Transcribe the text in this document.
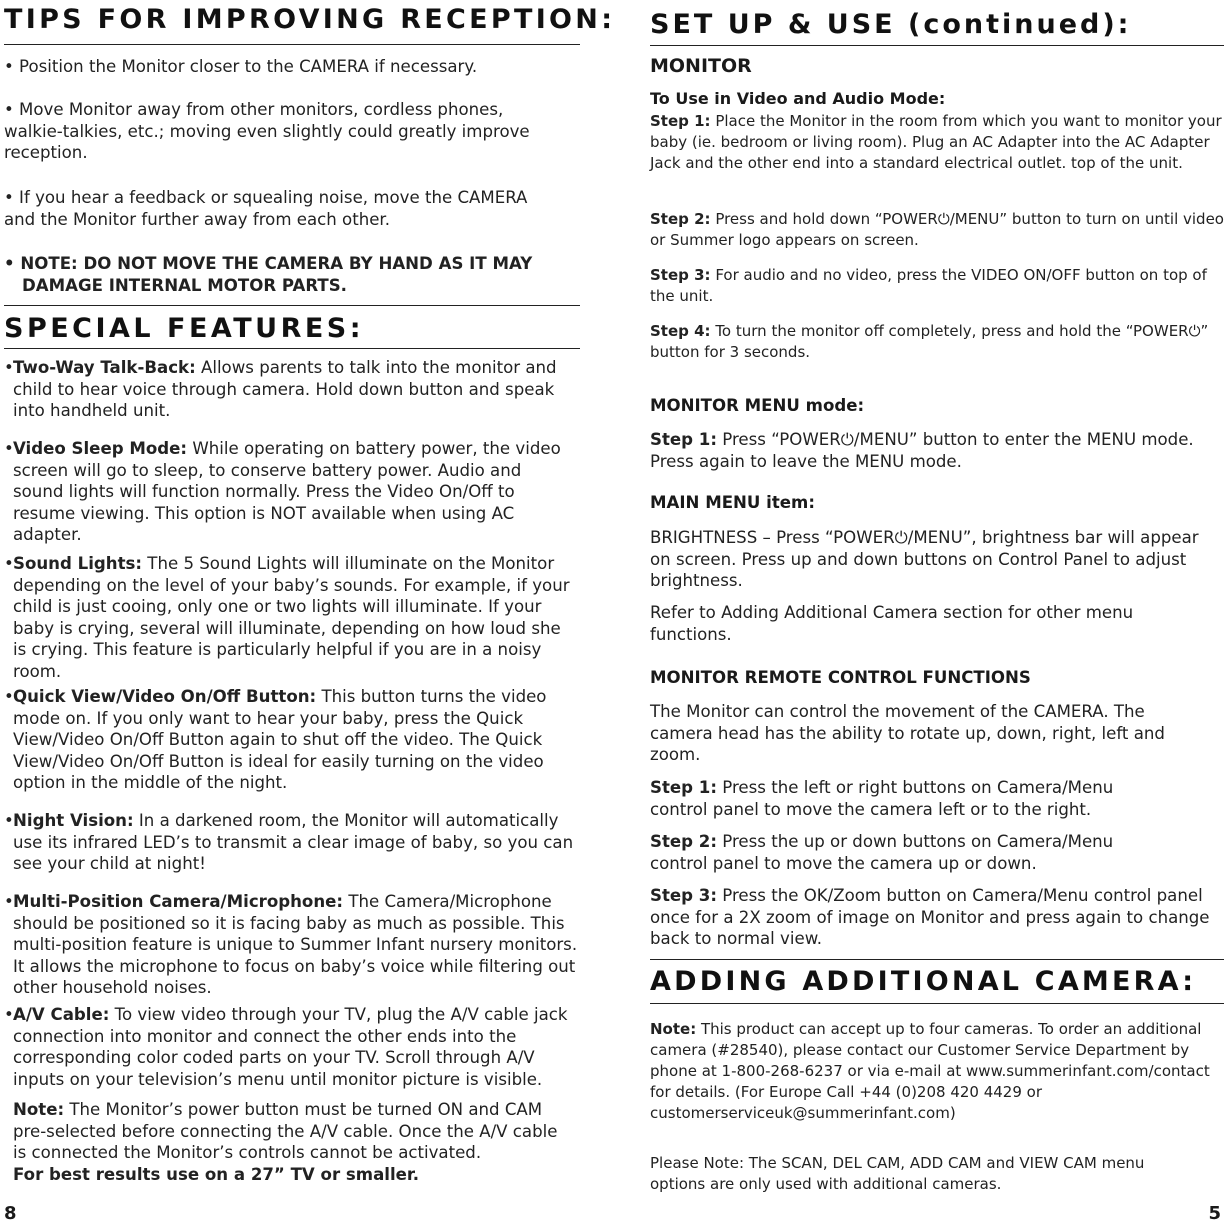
TIPS FOR IMPROVING RECEPTION:

• Position the Monitor closer to the CAMERA if necessary.

• Move Monitor away from other monitors, cordless phones, walkie-talkies, etc.; moving even slightly could greatly improve reception.

• If you hear a feedback or squealing noise, move the CAMERA and the Monitor further away from each other.

• NOTE: DO NOT MOVE THE CAMERA BY HAND AS IT MAY DAMAGE INTERNAL MOTOR PARTS.

SPECIAL FEATURES:
• Two-Way Talk-Back: Allows parents to talk into the monitor and child to hear voice through camera. Hold down button and speak into handheld unit.
• Video Sleep Mode: While operating on battery power, the video screen will go to sleep, to conserve battery power. Audio and sound lights will function normally. Press the Video On/Off to resume viewing. This option is NOT available when using AC adapter.
• Sound Lights: The 5 Sound Lights will illuminate on the Monitor depending on the level of your baby’s sounds. For example, if your child is just cooing, only one or two lights will illuminate. If your baby is crying, several will illuminate, depending on how loud she is crying. This feature is particularly helpful if you are in a noisy room.
• Quick View/Video On/Off Button: This button turns the video mode on. If you only want to hear your baby, press the Quick View/Video On/Off Button again to shut off the video. The Quick View/Video On/Off Button is ideal for easily turning on the video option in the middle of the night.
• Night Vision: In a darkened room, the Monitor will automatically use its infrared LED’s to transmit a clear image of baby, so you can see your child at night!
• Multi-Position Camera/Microphone: The Camera/Microphone should be positioned so it is facing baby as much as possible. This multi-position feature is unique to Summer Infant nursery monitors. It allows the microphone to focus on baby’s voice while filtering out other household noises.
• A/V Cable: To view video through your TV, plug the A/V cable jack connection into monitor and connect the other ends into the corresponding color coded parts on your TV. Scroll through A/V inputs on your television’s menu until monitor picture is visible.
Note: The Monitor’s power button must be turned ON and CAM pre-selected before connecting the A/V cable. Once the A/V cable is connected the Monitor’s controls cannot be activated.
For best results use on a 27” TV or smaller.
8
SET UP & USE (continued):
MONITOR
To Use in Video and Audio Mode:

Step 1: Place the Monitor in the room from which you want to monitor your baby (ie. bedroom or living room). Plug an AC Adapter into the AC Adapter Jack and the other end into a standard electrical outlet. top of the unit.

Step 2: Press and hold down “POWER⏻/MENU” button to turn on until video or Summer logo appears on screen.

Step 3: For audio and no video, press the VIDEO ON/OFF button on top of the unit.

Step 4: To turn the monitor off completely, press and hold the “POWER⏻” button for 3 seconds.

MONITOR MENU mode:

Step 1: Press “POWER⏻/MENU” button to enter the MENU mode. Press again to leave the MENU mode.

MAIN MENU item:

BRIGHTNESS – Press “POWER⏻/MENU”, brightness bar will appear on screen. Press up and down buttons on Control Panel to adjust brightness.

Refer to Adding Additional Camera section for other menu functions.

MONITOR REMOTE CONTROL FUNCTIONS

The Monitor can control the movement of the CAMERA. The camera head has the ability to rotate up, down, right, left and zoom.

Step 1: Press the left or right buttons on Camera/Menu control panel to move the camera left or to the right.

Step 2: Press the up or down buttons on Camera/Menu control panel to move the camera up or down.

Step 3: Press the OK/Zoom button on Camera/Menu control panel once for a 2X zoom of image on Monitor and press again to change back to normal view.

ADDING ADDITIONAL CAMERA:

Note: This product can accept up to four cameras. To order an additional camera (#28540), please contact our Customer Service Department by phone at 1-800-268-6237 or via e-mail at www.summerinfant.com/contact for details. (For Europe Call +44 (0)208 420 4429 or customerserviceuk@summerinfant.com)

Please Note: The SCAN, DEL CAM, ADD CAM and VIEW CAM menu options are only used with additional cameras.

5
